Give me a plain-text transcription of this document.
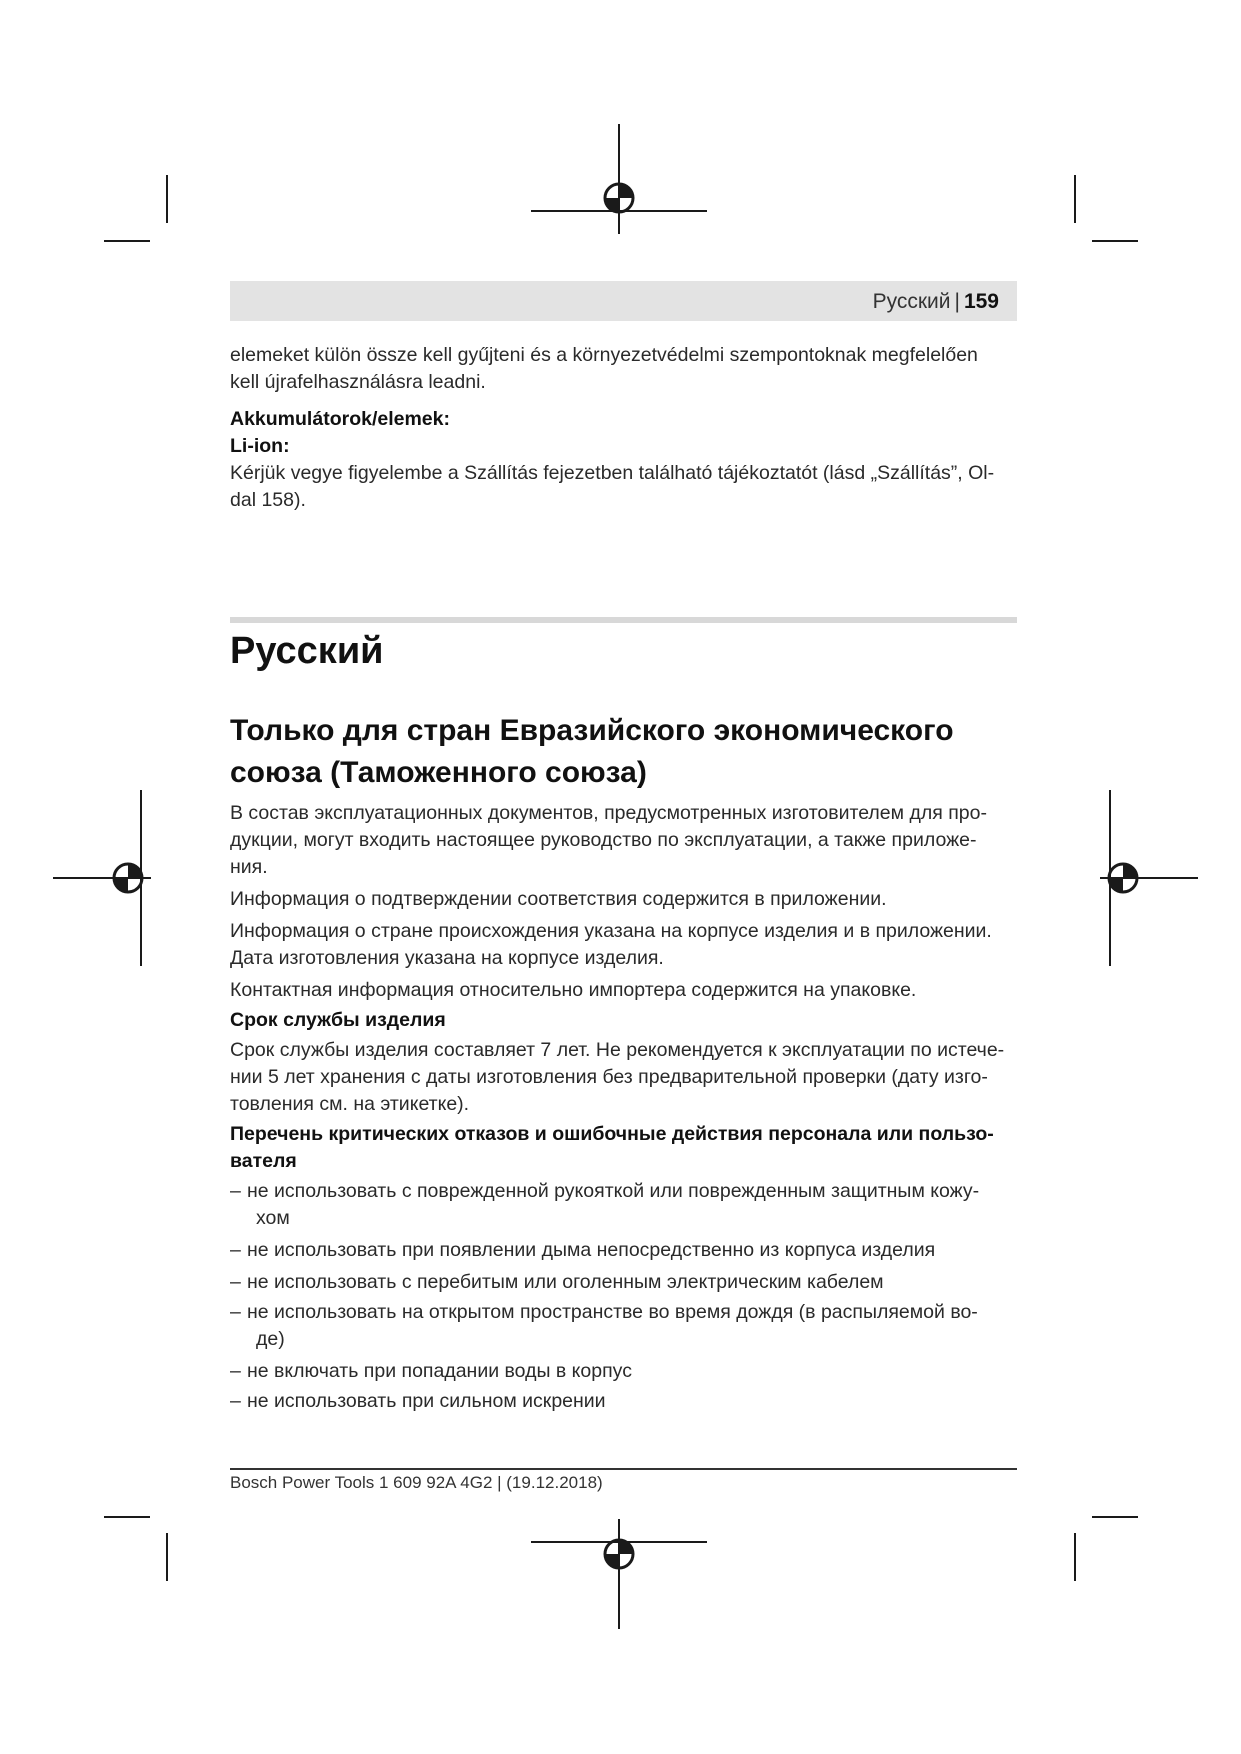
Русский | 159

elemeket külön össze kell gyűjteni és a környezetvédelmi szempontoknak megfelelően

kell újrafelhasználásra leadni.

Akkumulátorok/elemek:

Li-ion:

Kérjük vegye figyelembe a Szállítás fejezetben található tájékoztatót (lásd „Szállítás”, Ol-

dal 158).

Русский
Только для стран Евразийского экономического
союза (Таможенного союза)

В состав эксплуатационных документов, предусмотренных изготовителем для про-

дукции, могут входить настоящее руководство по эксплуатации, а также приложе-

ния.

Информация о подтверждении соответствия содержится в приложении.

Информация о стране происхождения указана на корпусе изделия и в приложении.

Дата изготовления указана на корпусе изделия.

Контактная информация относительно импортера содержится на упаковке.

Срок службы изделия

Срок службы изделия составляет 7 лет. Не рекомендуется к эксплуатации по истече-

нии 5 лет хранения с даты изготовления без предварительной проверки (дату изго-

товления см. на этикетке).

Перечень критических отказов и ошибочные действия персонала или пользо-

вателя

– не использовать с поврежденной рукояткой или поврежденным защитным кожу-

хом

– не использовать при появлении дыма непосредственно из корпуса изделия

– не использовать с перебитым или оголенным электрическим кабелем

– не использовать на открытом пространстве во время дождя (в распыляемой во-

де)

– не включать при попадании воды в корпус

– не использовать при сильном искрении

Bosch Power Tools 1 609 92A 4G2 | (19.12.2018)
